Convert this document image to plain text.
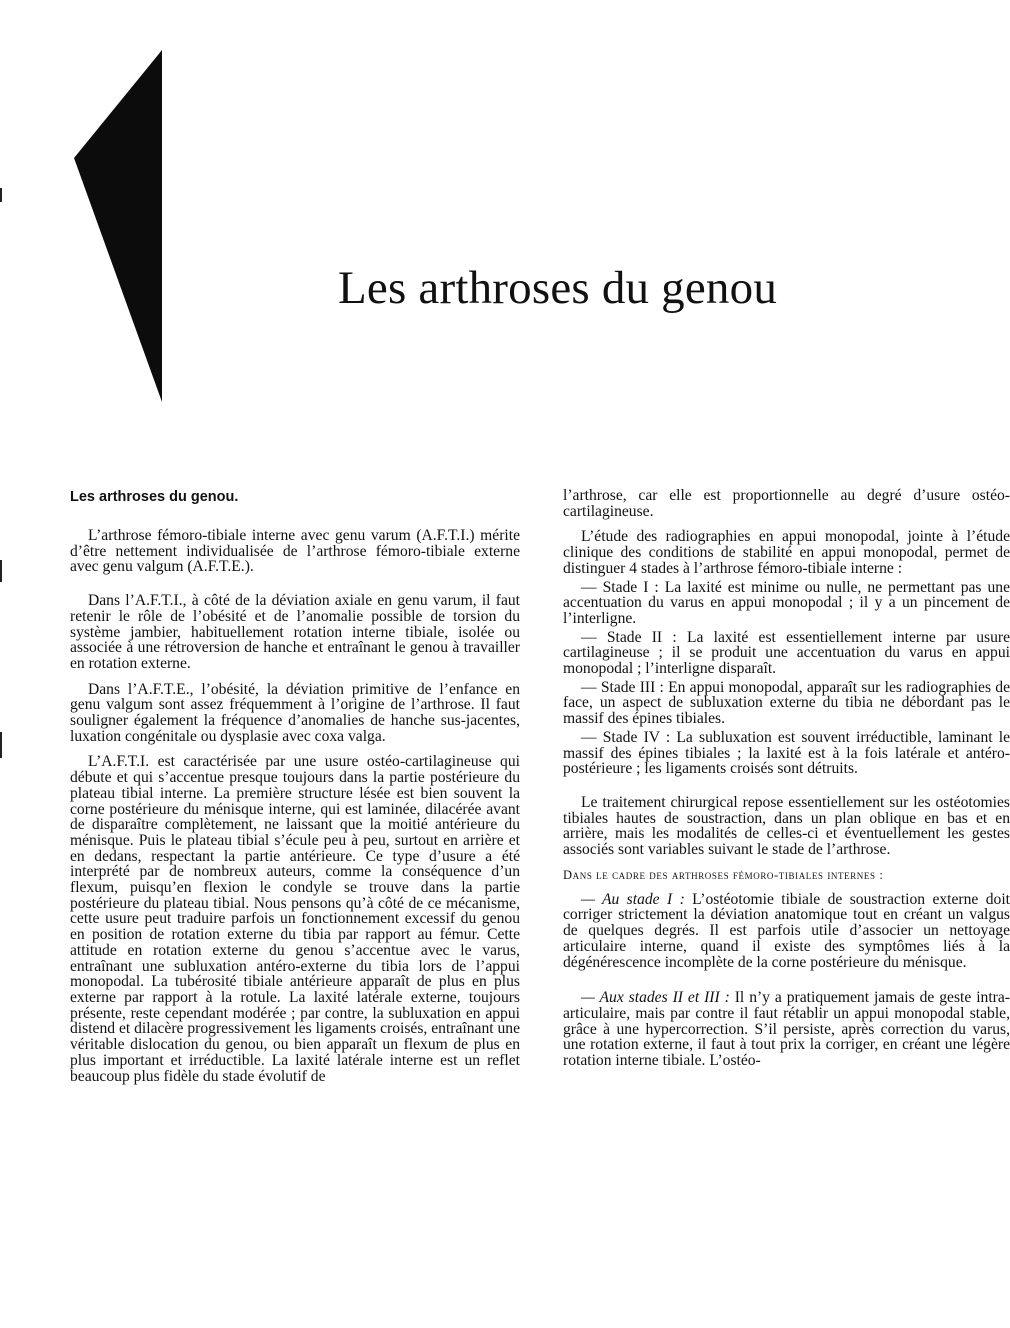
Les arthroses du genou
Les arthroses du genou.

L’arthrose fémoro-tibiale interne avec genu varum (A.F.T.I.) mérite d’être nettement individualisée de l’arthrose fémoro-tibiale externe avec genu valgum (A.F.T.E.).

Dans l’A.F.T.I., à côté de la déviation axiale en genu varum, il faut retenir le rôle de l’obésité et de l’anomalie possible de torsion du système jambier, habituellement rotation interne tibiale, isolée ou associée à une rétroversion de hanche et entraînant le genou à travailler en rotation externe.

Dans l’A.F.T.E., l’obésité, la déviation primitive de l’enfance en genu valgum sont assez fréquemment à l’origine de l’arthrose. Il faut souligner également la fréquence d’anomalies de hanche sus-jacentes, luxation congénitale ou dysplasie avec coxa valga.

L’A.F.T.I. est caractérisée par une usure ostéo-cartilagineuse qui débute et qui s’accentue presque toujours dans la partie postérieure du plateau tibial interne. La première structure lésée est bien souvent la corne postérieure du ménisque interne, qui est laminée, dilacérée avant de disparaître complètement, ne laissant que la moitié antérieure du ménisque. Puis le plateau tibial s’écule peu à peu, surtout en arrière et en dedans, respectant la partie antérieure. Ce type d’usure a été interprété par de nombreux auteurs, comme la conséquence d’un flexum, puisqu’en flexion le condyle se trouve dans la partie postérieure du plateau tibial. Nous pensons qu’à côté de ce mécanisme, cette usure peut traduire parfois un fonctionnement excessif du genou en position de rotation externe du tibia par rapport au fémur. Cette attitude en rotation externe du genou s’accentue avec le varus, entraînant une subluxation antéro-externe du tibia lors de l’appui monopodal. La tubérosité tibiale antérieure apparaît de plus en plus externe par rapport à la rotule. La laxité latérale externe, toujours présente, reste cependant modérée ; par contre, la subluxation en appui distend et dilacère progressivement les ligaments croisés, entraînant une véritable dislocation du genou, ou bien apparaît un flexum de plus en plus important et irréductible. La laxité latérale interne est un reflet beaucoup plus fidèle du stade évolutif de

l’arthrose, car elle est proportionnelle au degré d’usure ostéo-cartilagineuse.

L’étude des radiographies en appui monopodal, jointe à l’étude clinique des conditions de stabilité en appui monopodal, permet de distinguer 4 stades à l’arthrose fémoro-tibiale interne :

— Stade I : La laxité est minime ou nulle, ne permettant pas une accentuation du varus en appui monopodal ; il y a un pincement de l’interligne.

— Stade II : La laxité est essentiellement interne par usure cartilagineuse ; il se produit une accentuation du varus en appui monopodal ; l’interligne disparaît.

— Stade III : En appui monopodal, apparaît sur les radiographies de face, un aspect de subluxation externe du tibia ne débordant pas le massif des épines tibiales.

— Stade IV : La subluxation est souvent irréductible, laminant le massif des épines tibiales ; la laxité est à la fois latérale et antéro-postérieure ; les ligaments croisés sont détruits.

Le traitement chirurgical repose essentiellement sur les ostéotomies tibiales hautes de soustraction, dans un plan oblique en bas et en arrière, mais les modalités de celles-ci et éventuellement les gestes associés sont variables suivant le stade de l’arthrose.

Dans le cadre des arthroses fémoro-tibiales internes :

— Au stade I : L’ostéotomie tibiale de soustraction externe doit corriger strictement la déviation anatomique tout en créant un valgus de quelques degrés. Il est parfois utile d’associer un nettoyage articulaire interne, quand il existe des symptômes liés à la dégénérescence incomplète de la corne postérieure du ménisque.

— Aux stades II et III : Il n’y a pratiquement jamais de geste intra-articulaire, mais par contre il faut rétablir un appui monopodal stable, grâce à une hypercorrection. S’il persiste, après correction du varus, une rotation externe, il faut à tout prix la corriger, en créant une légère rotation interne tibiale. L’ostéo-
